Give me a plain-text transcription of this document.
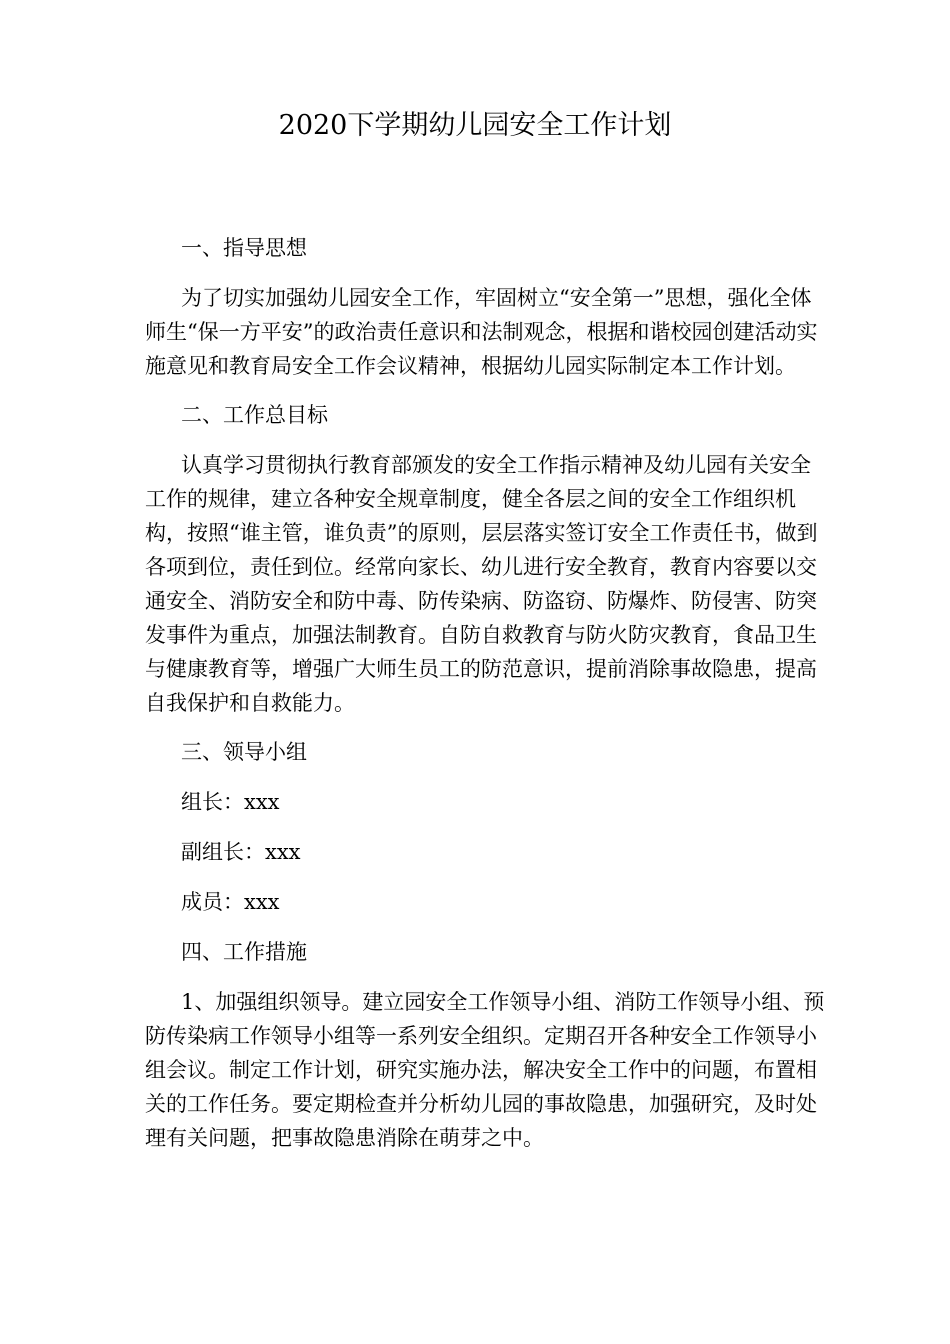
2020下学期幼儿园安全工作计划

一、指导思想

为了切实加强幼儿园安全工作，牢固树立“安全第一”思想，强化全体师生“保一方平安”的政治责任意识和法制观念，根据和谐校园创建活动实施意见和教育局安全工作会议精神，根据幼儿园实际制定本工作计划。

二、工作总目标

认真学习贯彻执行教育部颁发的安全工作指示精神及幼儿园有关安全工作的规律，建立各种安全规章制度，健全各层之间的安全工作组织机构，按照“谁主管，谁负责”的原则，层层落实签订安全工作责任书，做到各项到位，责任到位。经常向家长、幼儿进行安全教育，教育内容要以交通安全、消防安全和防中毒、防传染病、防盗窃、防爆炸、防侵害、防突发事件为重点，加强法制教育。自防自救教育与防火防灾教育，食品卫生与健康教育等，增强广大师生员工的防范意识，提前消除事故隐患，提高自我保护和自救能力。

三、领导小组

组长：xxx

副组长：xxx

成员：xxx

四、工作措施

1、加强组织领导。建立园安全工作领导小组、消防工作领导小组、预防传染病工作领导小组等一系列安全组织。定期召开各种安全工作领导小组会议。制定工作计划，研究实施办法，解决安全工作中的问题，布置相关的工作任务。要定期检查并分析幼儿园的事故隐患，加强研究，及时处理有关问题，把事故隐患消除在萌芽之中。
